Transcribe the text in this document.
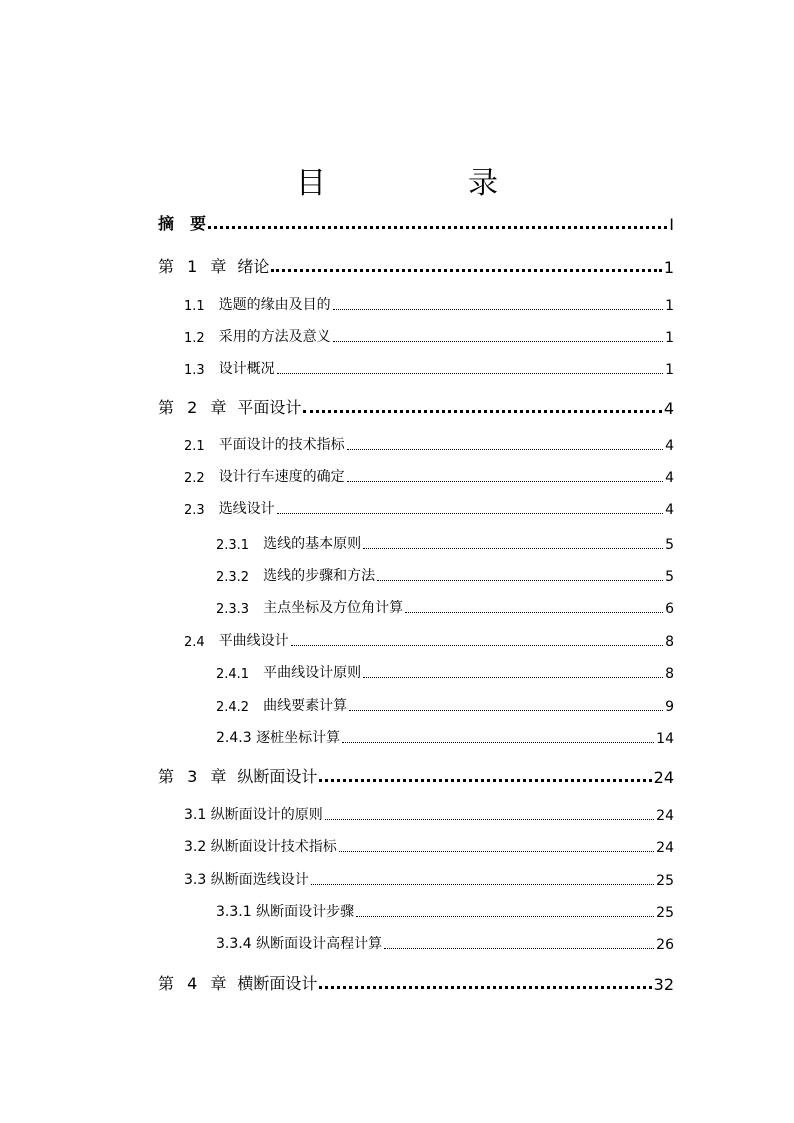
目　录
摘　要	I
第 1 章 绪论	1
1.1 选题的缘由及目的	1
1.2 采用的方法及意义	1
1.3 设计概况	1
第 2 章 平面设计	4
2.1 平面设计的技术指标	4
2.2 设计行车速度的确定	4
2.3 选线设计	4
2.3.1 选线的基本原则	5
2.3.2 选线的步骤和方法	5
2.3.3 主点坐标及方位角计算	6
2.4 平曲线设计	8
2.4.1 平曲线设计原则	8
2.4.2 曲线要素计算	9
2.4.3 逐桩坐标计算	14
第 3 章 纵断面设计	24
3.1 纵断面设计的原则	24
3.2 纵断面设计技术指标	24
3.3 纵断面选线设计	25
3.3.1 纵断面设计步骤	25
3.3.4 纵断面设计高程计算	26
第 4 章 横断面设计	32
